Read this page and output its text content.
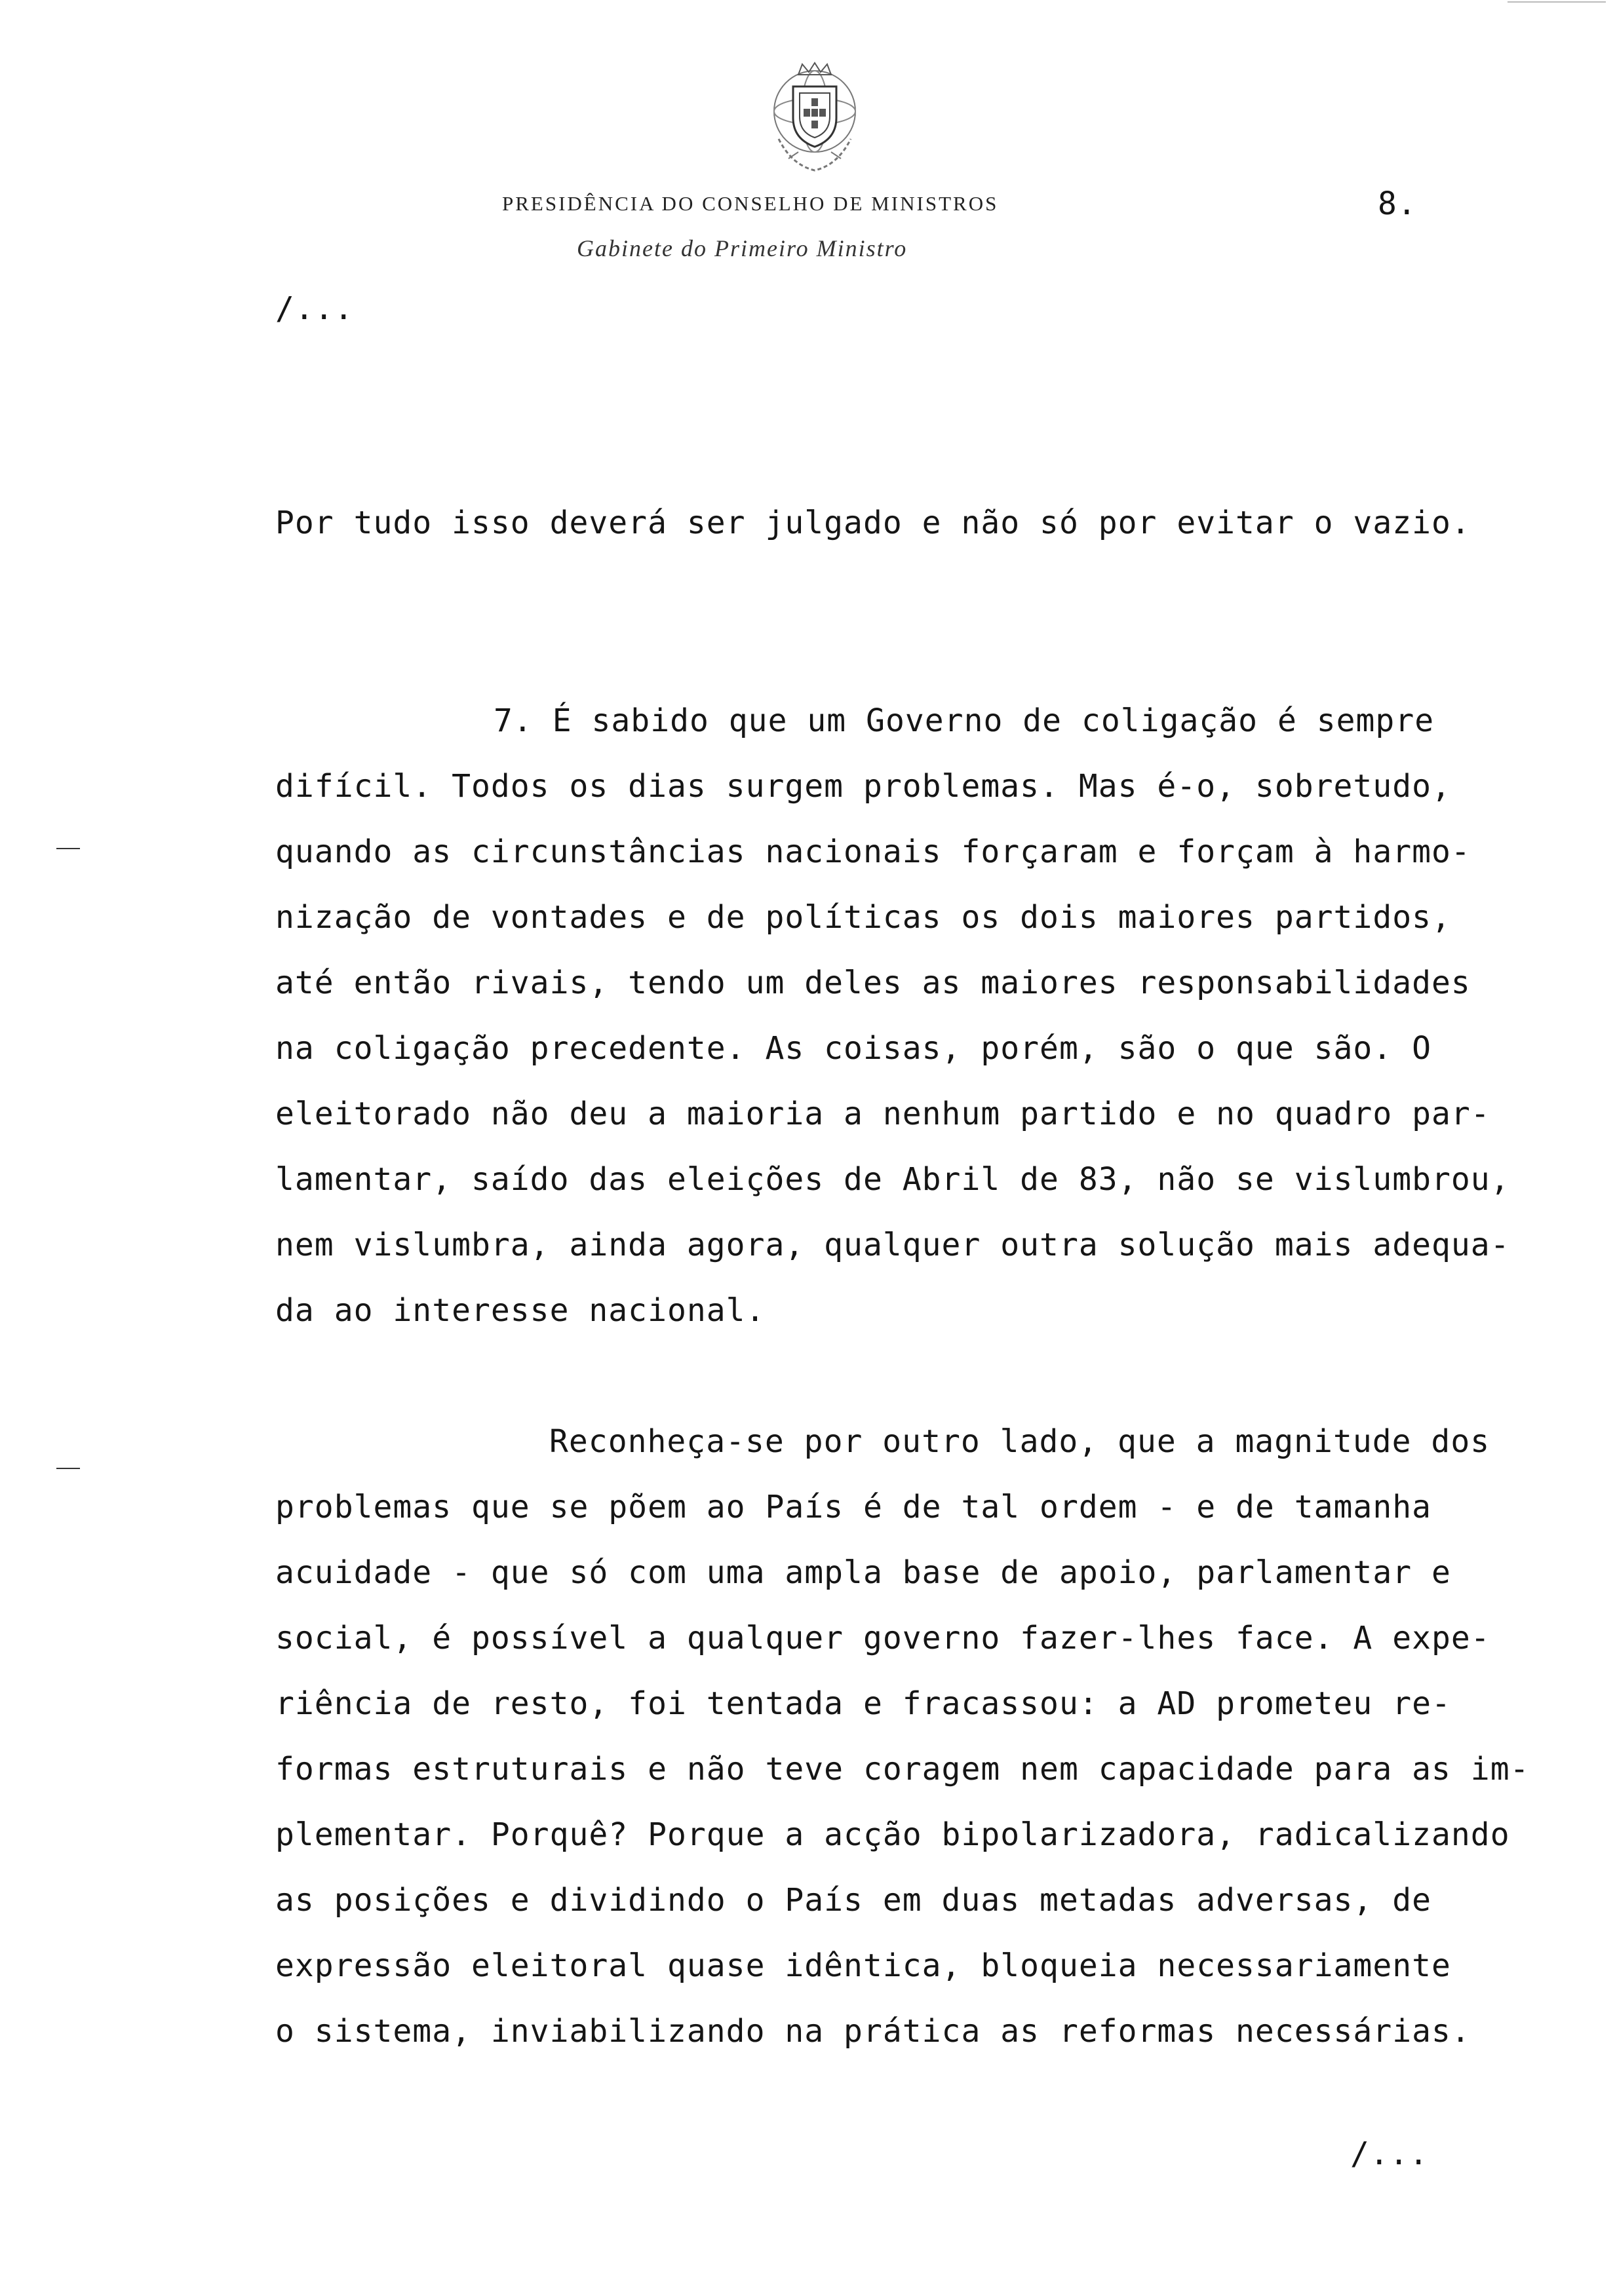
PRESIDÊNCIA DO CONSELHO DE MINISTROS
Gabinete do Primeiro Ministro
8.
/...
Por tudo isso deverá ser julgado e não só por evitar o vazio.
7. É sabido que um Governo de coligação é sempre
difícil. Todos os dias surgem problemas. Mas é-o, sobretudo,
quando as circunstâncias nacionais forçaram e forçam à harmo-
nização de vontades e de políticas os dois maiores partidos,
até então rivais, tendo um deles as maiores responsabilidades
na coligação precedente. As coisas, porém, são o que são. O
eleitorado não deu a maioria a nenhum partido e no quadro par-
lamentar, saído das eleições de Abril de 83, não se vislumbrou,
nem vislumbra, ainda agora, qualquer outra solução mais adequa-
da ao interesse nacional.
Reconheça-se por outro lado, que a magnitude dos
problemas que se põem ao País é de tal ordem - e de tamanha
acuidade - que só com uma ampla base de apoio, parlamentar e
social, é possível a qualquer governo fazer-lhes face. A expe-
riência de resto, foi tentada e fracassou: a AD prometeu re-
formas estruturais e não teve coragem nem capacidade para as im-
plementar. Porquê? Porque a acção bipolarizadora, radicalizando
as posições e dividindo o País em duas metadas adversas, de
expressão eleitoral quase idêntica, bloqueia necessariamente
o sistema, inviabilizando na prática as reformas necessárias.
/...
